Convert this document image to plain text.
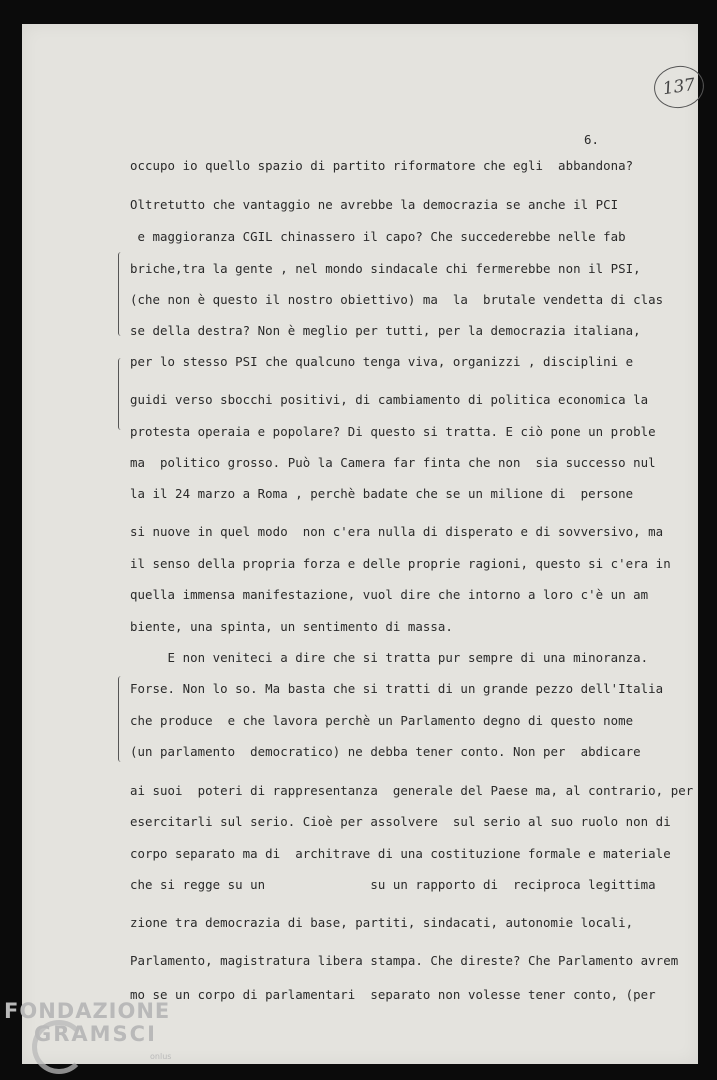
137
6.
occupo io quello spazio di partito riformatore che egli  abbandona?
Oltretutto che vantaggio ne avrebbe la democrazia se anche il PCI
e maggioranza CGIL chinassero il capo? Che succederebbe nelle fab
briche,tra la gente , nel mondo sindacale chi fermerebbe non il PSI,
(che non è questo il nostro obiettivo) ma  la  brutale vendetta di clas
se della destra? Non è meglio per tutti, per la democrazia italiana,
per lo stesso PSI che qualcuno tenga viva, organizzi , disciplini e
guidi verso sbocchi positivi, di cambiamento di politica economica la
protesta operaia e popolare? Di questo si tratta. E ciò pone un proble
ma  politico grosso. Può la Camera far finta che non  sia successo nul
la il 24 marzo a Roma , perchè badate che se un milione di  persone
si nuove in quel modo  non c'era nulla di disperato e di sovversivo, ma
il senso della propria forza e delle proprie ragioni, questo si c'era in
quella immensa manifestazione, vuol dire che intorno a loro c'è un am
biente, una spinta, un sentimento di massa.
E non veniteci a dire che si tratta pur sempre di una minoranza.
Forse. Non lo so. Ma basta che si tratti di un grande pezzo dell'Italia
che produce  e che lavora perchè un Parlamento degno di questo nome
(un parlamento  democratico) ne debba tener conto. Non per  abdicare
ai suoi  poteri di rappresentanza  generale del Paese ma, al contrario, per
esercitarli sul serio. Cioè per assolvere  sul serio al suo ruolo non di
corpo separato ma di  architrave di una costituzione formale e materiale
che si regge su un              su un rapporto di  reciproca legittima
zione tra democrazia di base, partiti, sindacati, autonomie locali,
Parlamento, magistratura libera stampa. Che direste? Che Parlamento avrem
mo se un corpo di parlamentari  separato non volesse tener conto, (per
FONDAZIONE
GRAMSCI
onlus
